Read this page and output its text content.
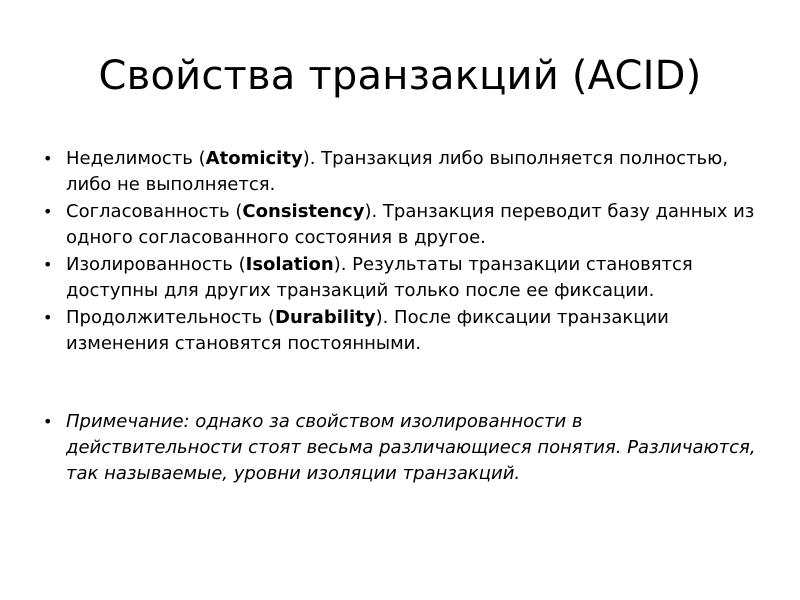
Свойства транзакций (ACID)
• Неделимость (Atomicity). Транзакция либо выполняется полностью, либо не выполняется.
• Согласованность (Consistency). Транзакция переводит базу данных из одного согласованного состояния в другое.
• Изолированность (Isolation). Результаты транзакции становятся доступны для других транзакций только после ее фиксации.
• Продолжительность (Durability). После фиксации транзакции изменения становятся постоянными.
• Примечание: однако за свойством изолированности в действительности стоят весьма различающиеся понятия. Различаются, так называемые, уровни изоляции транзакций.
